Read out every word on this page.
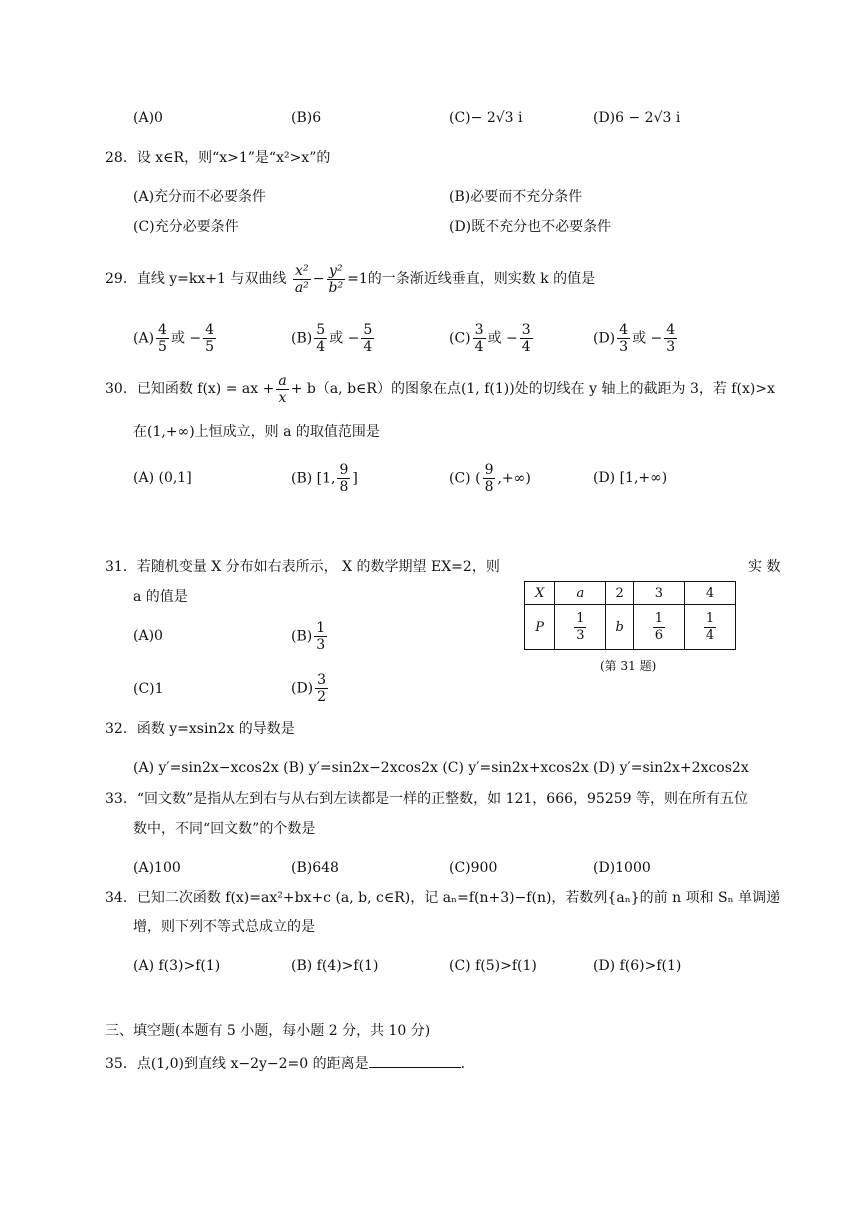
(A)0	(B)6	(C)− 2√3 i	(D)6 − 2√3 i
28．设 x∈R，则“x>1”是“x²>x”的
(A)充分而不必要条件	(B)必要而不充分条件
(C)充分必要条件	(D)既不充分也不必要条件
29．直线 y=kx+1 与双曲线 $\frac{\text{x²}}{\text{a²}} - \frac{\text{y²}}{\text{b²}} =1$的一条渐近线垂直，则实数 k 的值是
$(A) \frac{4}{5}$ 或 − $\frac{4}{5}$	$(B) \frac{5}{4}$ 或 − $\frac{5}{4}$	$(C) \frac{3}{4}$ 或 − $\frac{3}{4}$	$(D) \frac{4}{3}$ 或 − $\frac{4}{3}$
30．已知函数 f(x) = ax + $\frac{a}{x} + b(a$, b∈R）的图象在点(1, f(1))处的切线在 y 轴上的截距为 3，若 f(x)>x
在(1,+∞)上恒成立，则 a 的取值范围是
(A) (0,1]	(B) [1, $\frac{9}{8}$ ]	(C) ( $\frac{9}{8}$ ,+∞)	(D) [1,+∞)
31．若随机变量 X 分布如右表所示， X 的数学期望 EX=2，则	实 数
a 的值是
(A)0	$(B) \frac{1}{3}$
(C)1	$(D) \frac{3}{2}$
X	a	2	3	4
P	$\frac{1}{3}$	b	$\frac{1}{6}$	$\frac{1}{4}$
(第 31 题)
32．函数 y=xsin2x 的导数是
(A) y′=sin2x−xcos2x (B) y′=sin2x−2xcos2x (C) y′=sin2x+xcos2x (D) y′=sin2x+2xcos2x
33．“回文数”是指从左到右与从右到左读都是一样的正整数，如 121，666，95259 等，则在所有五位
数中，不同“回文数”的个数是
(A)100	(B)648	(C)900	(D)1000
34．已知二次函数 f(x)=ax²+bx+c (a, b, c∈R)，记 aₙ=f(n+3)−f(n)，若数列{aₙ}的前 n 项和 Sₙ 单调递
增，则下列不等式总成立的是
(A) f(3)>f(1)	(B) f(4)>f(1)	(C) f(5)>f(1)	(D) f(6)>f(1)
三、填空题(本题有 5 小题，每小题 2 分，共 10 分)
35．点(1,0)到直线 x−2y−2=0 的距离是	.
